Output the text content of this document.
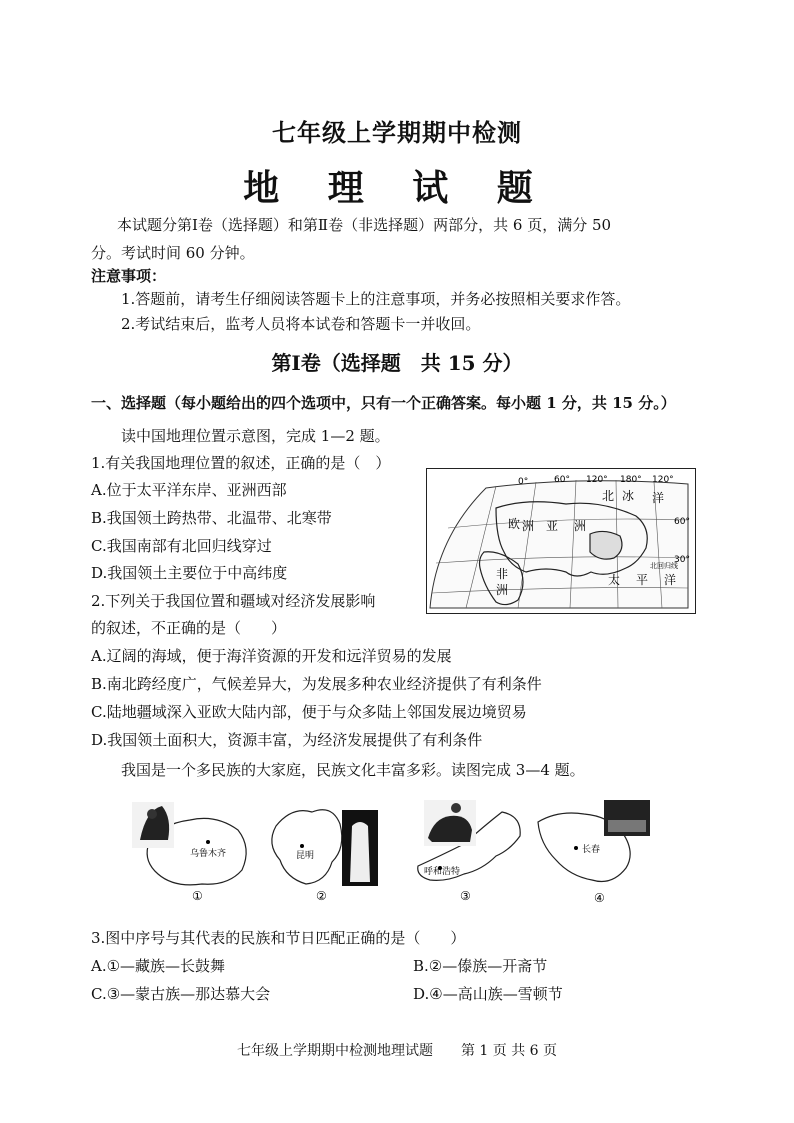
七年级上学期期中检测
地 理 试 题
本试题分第Ⅰ卷（选择题）和第Ⅱ卷（非选择题）两部分，共 6 页，满分 50
分。考试时间 60 分钟。
注意事项：
1.答题前，请考生仔细阅读答题卡上的注意事项，并务必按照相关要求作答。
2.考试结束后，监考人员将本试卷和答题卡一并收回。
第Ⅰ卷（选择题　共 15 分）
一、选择题（每小题给出的四个选项中，只有一个正确答案。每小题 1 分，共 15 分。）
读中国地理位置示意图，完成 1—2 题。
1.有关我国地理位置的叙述，正确的是（　）
A.位于太平洋东岸、亚洲西部
B.我国领土跨热带、北温带、北寒带
C.我国南部有北回归线穿过
D.我国领土主要位于中高纬度
0°	60° 120° 180° 120°
60°
30°
北 冰 洋
欧 洲 亚 洲
非
洲
太 平 洋
北回归线
2.下列关于我国位置和疆域对经济发展影响
的叙述，不正确的是（　　）
A.辽阔的海域，便于海洋资源的开发和远洋贸易的发展
B.南北跨经度广，气候差异大，为发展多种农业经济提供了有利条件
C.陆地疆域深入亚欧大陆内部，便于与众多陆上邻国发展边境贸易
D.我国领土面积大，资源丰富，为经济发展提供了有利条件
我国是一个多民族的大家庭，民族文化丰富多彩。读图完成 3—4 题。
乌鲁木齐
①
昆明
②
呼和浩特
③
长春
④
3.图中序号与其代表的民族和节日匹配正确的是（　　）
A.①—藏族—长鼓舞	B.②—傣族—开斋节
C.③—蒙古族—那达慕大会	D.④—高山族—雪顿节
七年级上学期期中检测地理试题　　第 1 页 共 6 页
